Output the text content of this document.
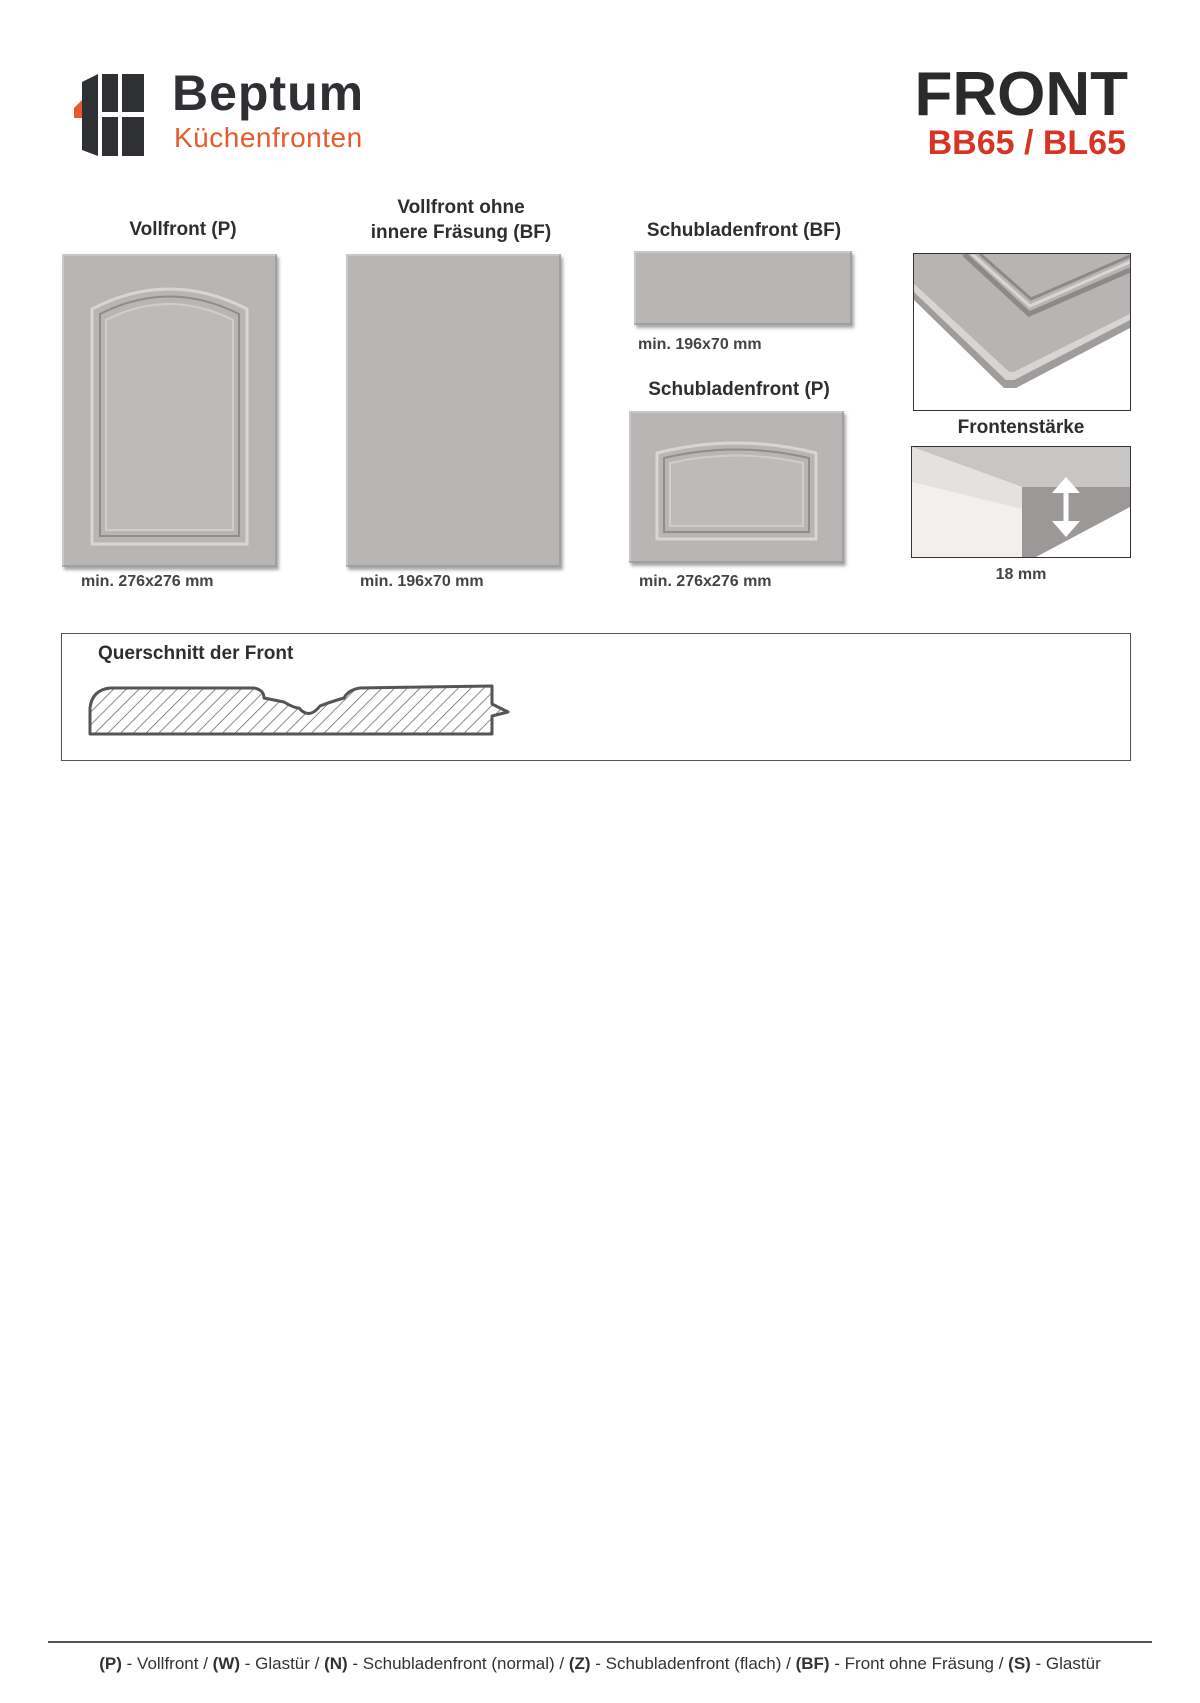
Beptum
Küchenfronten
FRONT
BB65 / BL65
Vollfront (P)
min. 276x276 mm
Vollfront ohne
innere Fräsung (BF)
min. 196x70 mm
Schubladenfront (BF)
min. 196x70 mm
Schubladenfront (P)
min. 276x276 mm
Frontenstärke
18 mm
Querschnitt der Front
(P) - Vollfront / (W) - Glastür / (N) - Schubladenfront (normal) / (Z) - Schubladenfront (flach) / (BF) - Front ohne Fräsung / (S) - Glastür
